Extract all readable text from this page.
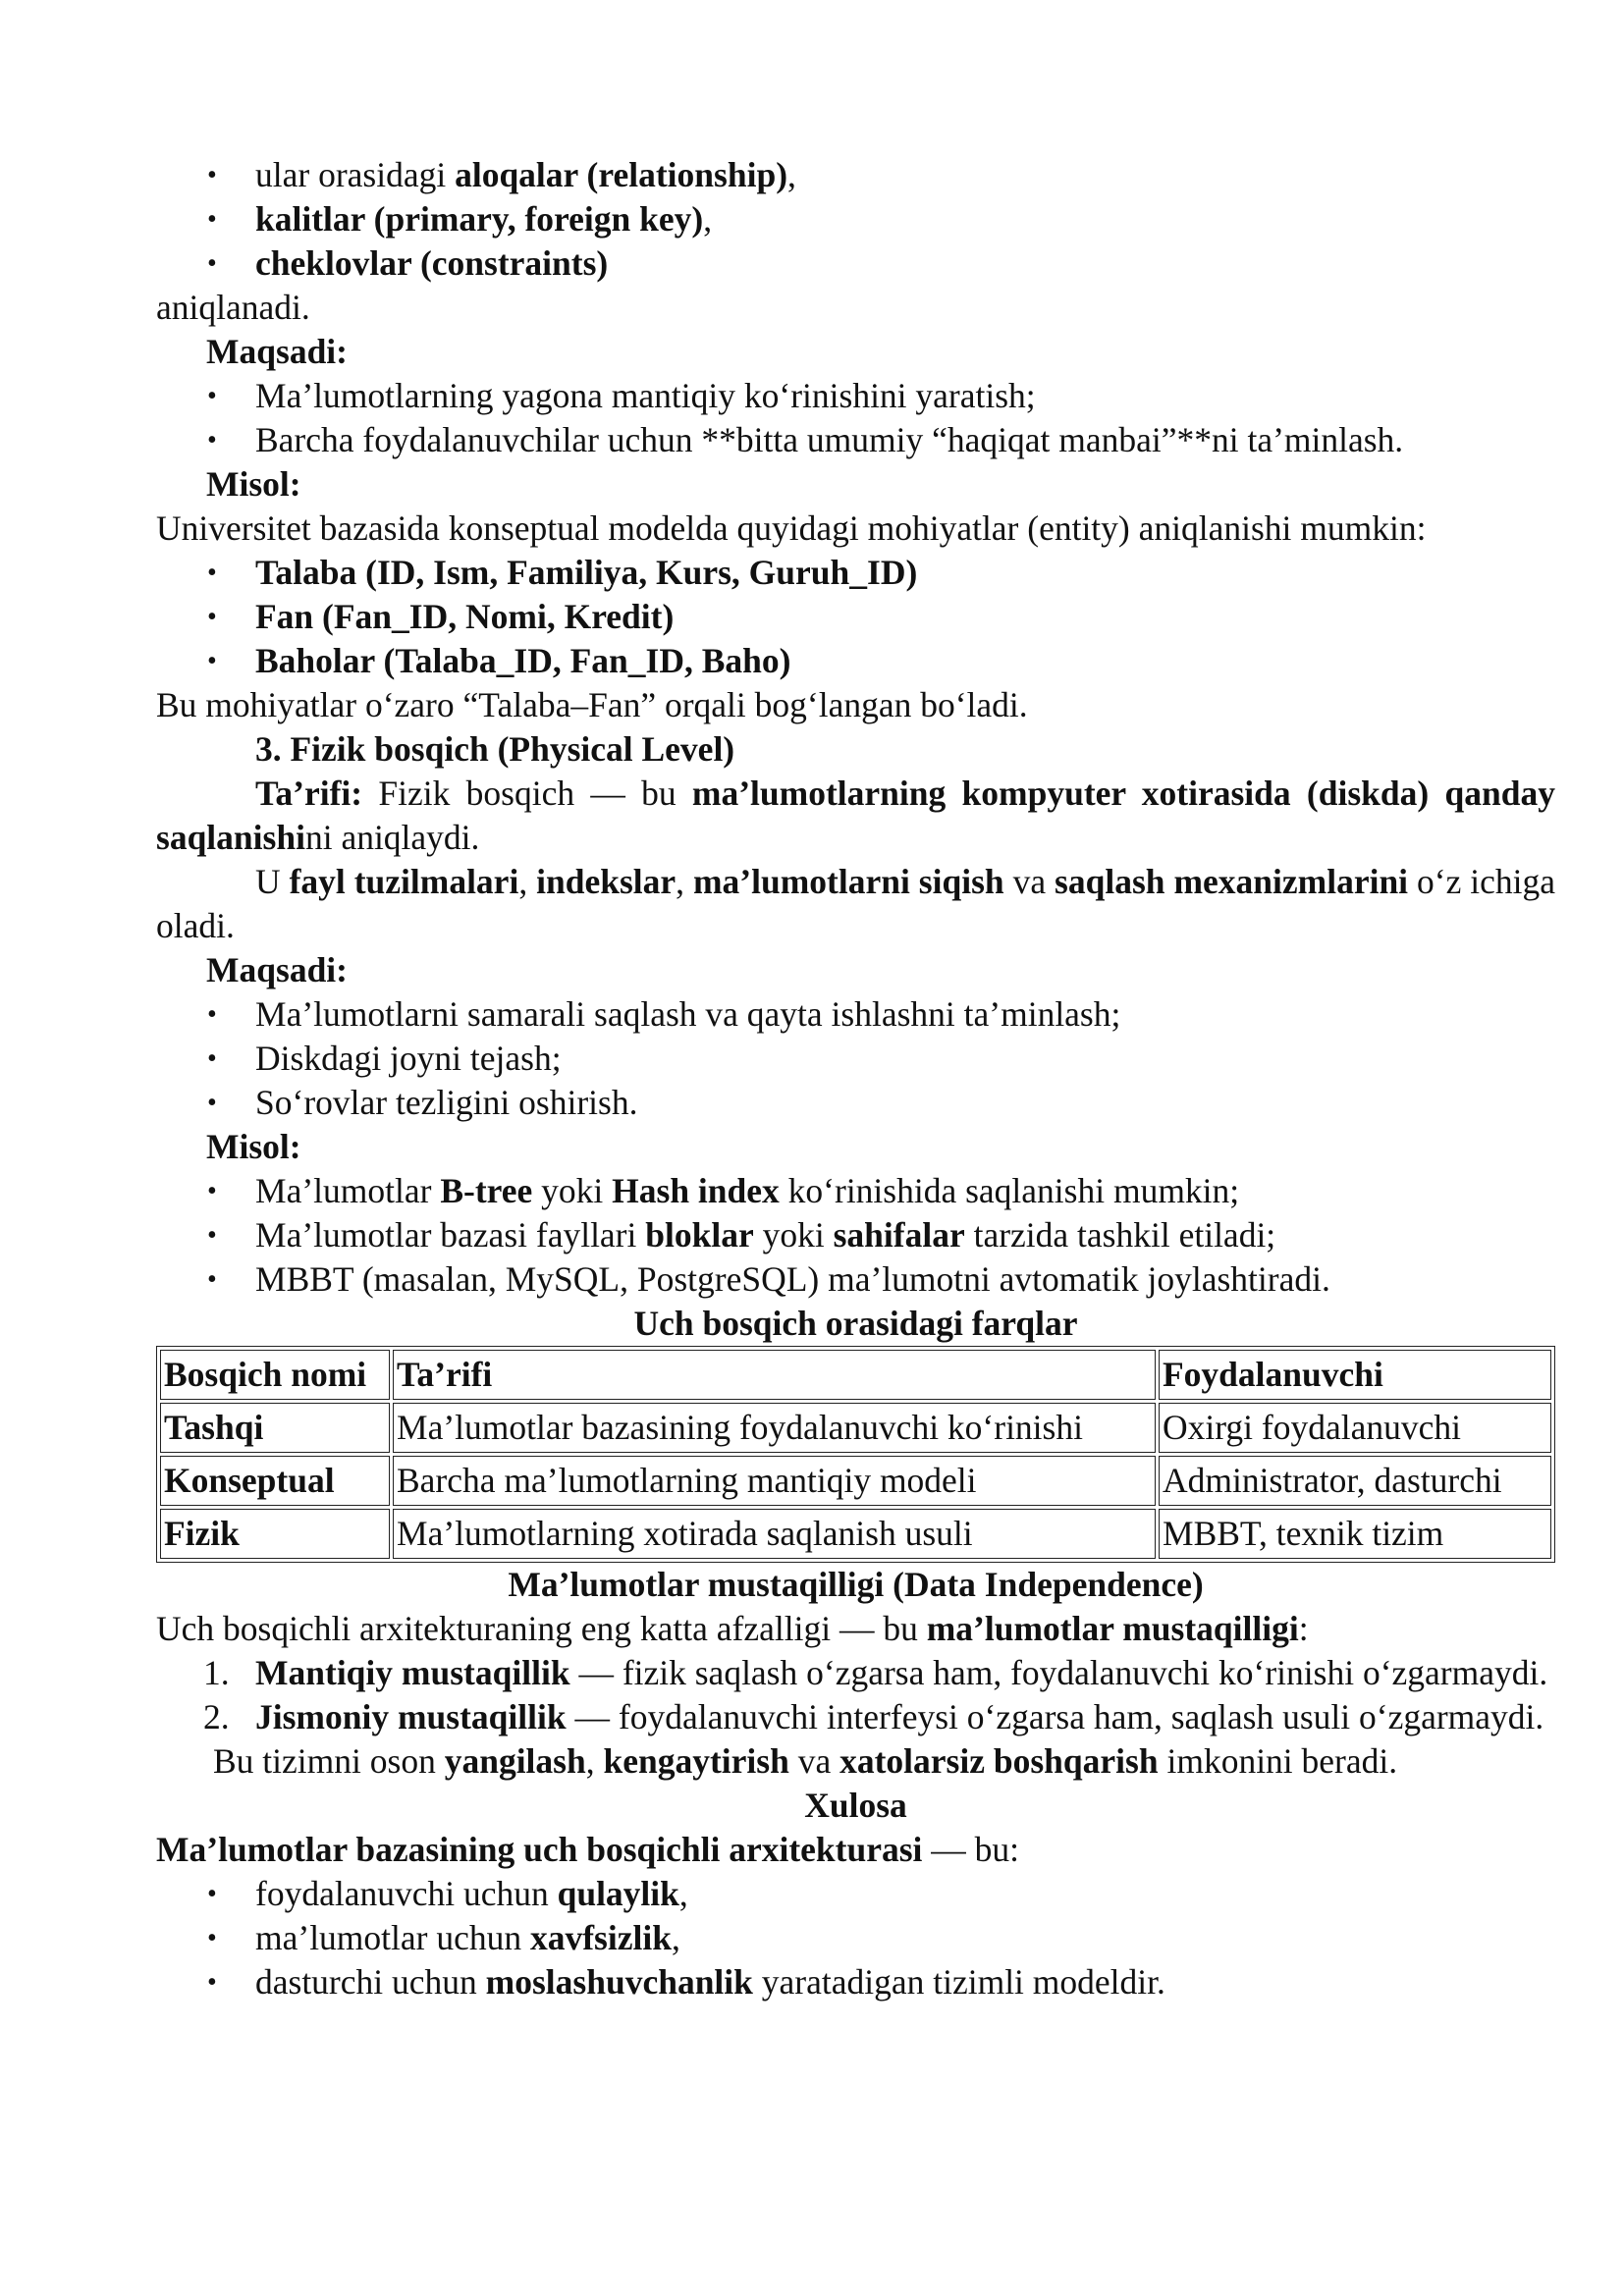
• ular orasidagi aloqalar (relationship),
• kalitlar (primary, foreign key),
• cheklovlar (constraints)

aniqlanadi.

Maqsadi:

• Ma’lumotlarning yagona mantiqiy ko‘rinishini yaratish;
• Barcha foydalanuvchilar uchun **bitta umumiy “haqiqat manbai”**ni ta’minlash.

Misol:

Universitet bazasida konseptual modelda quyidagi mohiyatlar (entity) aniqlanishi mumkin:

• Talaba (ID, Ism, Familiya, Kurs, Guruh_ID)
• Fan (Fan_ID, Nomi, Kredit)
• Baholar (Talaba_ID, Fan_ID, Baho)

Bu mohiyatlar o‘zaro “Talaba–Fan” orqali bog‘langan bo‘ladi.

3. Fizik bosqich (Physical Level)

Ta’rifi: Fizik bosqich — bu ma’lumotlarning kompyuter xotirasida (diskda) qanday saqlanishini aniqlaydi.

U fayl tuzilmalari, indekslar, ma’lumotlarni siqish va saqlash mexanizmlarini o‘z ichiga oladi.

Maqsadi:

• Ma’lumotlarni samarali saqlash va qayta ishlashni ta’minlash;
• Diskdagi joyni tejash;
• So‘rovlar tezligini oshirish.

Misol:

• Ma’lumotlar B-tree yoki Hash index ko‘rinishida saqlanishi mumkin;
• Ma’lumotlar bazasi fayllari bloklar yoki sahifalar tarzida tashkil etiladi;
• MBBT (masalan, MySQL, PostgreSQL) ma’lumotni avtomatik joylashtiradi.

Uch bosqich orasidagi farqlar

Bosqich nomi	Ta’rifi	Foydalanuvchi
Tashqi	Ma’lumotlar bazasining foydalanuvchi ko‘rinishi	Oxirgi foydalanuvchi
Konseptual	Barcha ma’lumotlarning mantiqiy modeli	Administrator, dasturchi
Fizik	Ma’lumotlarning xotirada saqlanish usuli	MBBT, texnik tizim

Ma’lumotlar mustaqilligi (Data Independence)

Uch bosqichli arxitekturaning eng katta afzalligi — bu ma’lumotlar mustaqilligi:

1. Mantiqiy mustaqillik — fizik saqlash o‘zgarsa ham, foydalanuvchi ko‘rinishi o‘zgarmaydi.
2. Jismoniy mustaqillik — foydalanuvchi interfeysi o‘zgarsa ham, saqlash usuli o‘zgarmaydi.

Bu tizimni oson yangilash, kengaytirish va xatolarsiz boshqarish imkonini beradi.

Xulosa

Ma’lumotlar bazasining uch bosqichli arxitekturasi — bu:

• foydalanuvchi uchun qulaylik,
• ma’lumotlar uchun xavfsizlik,
• dasturchi uchun moslashuvchanlik yaratadigan tizimli modeldir.
